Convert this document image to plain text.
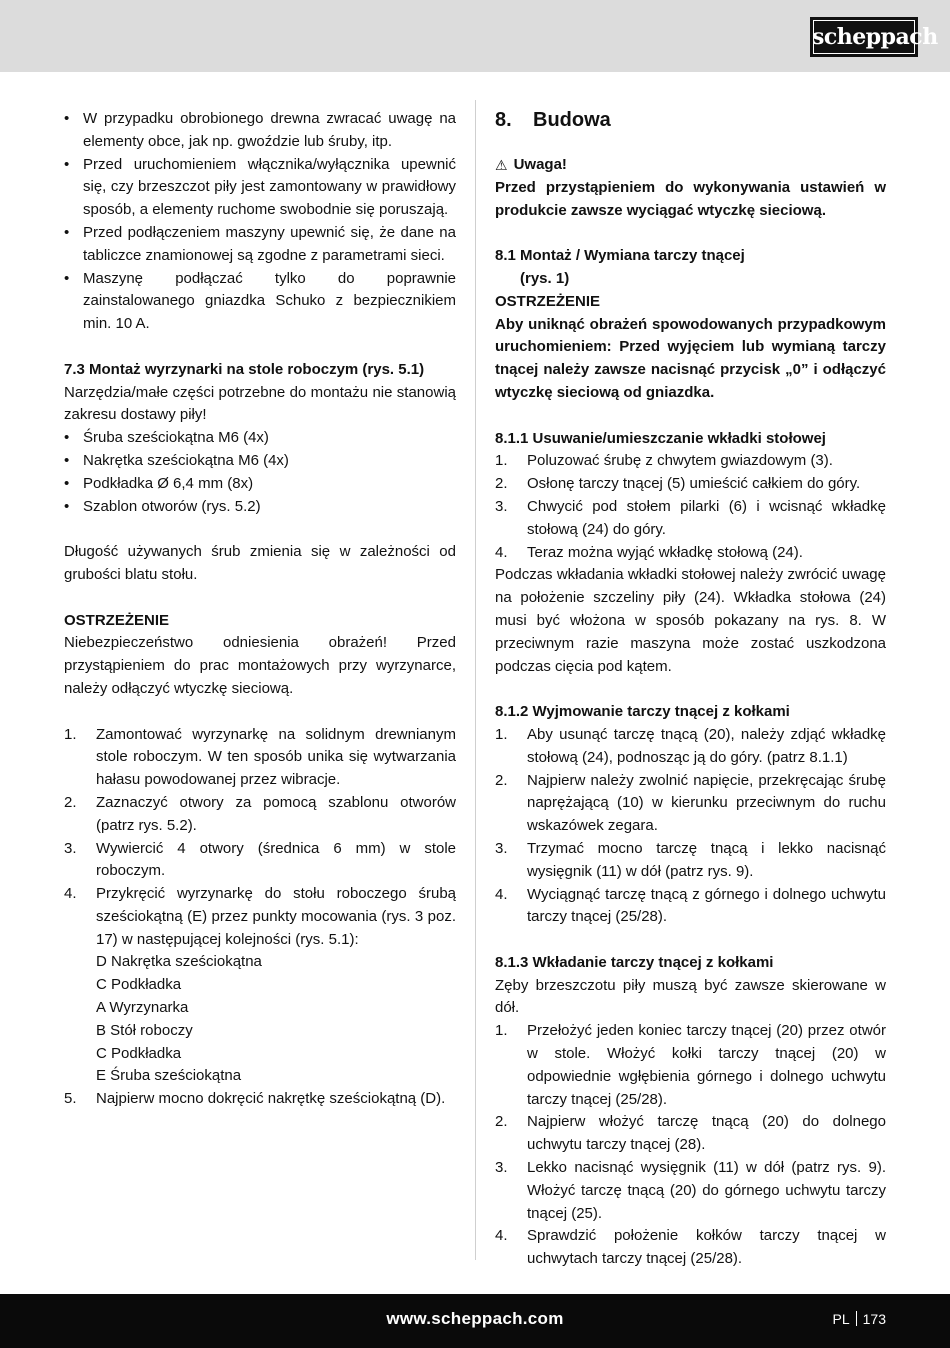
scheppach
• W przypadku obrobionego drewna zwracać uwagę na elementy obce, jak np. gwoździe lub śruby, itp.
• Przed uruchomieniem włącznika/wyłącznika upewnić się, czy brzeszczot piły jest zamontowany w prawidłowy sposób, a elementy ruchome swobodnie się poruszają.
• Przed podłączeniem maszyny upewnić się, że dane na tabliczce znamionowej są zgodne z parametrami sieci.
• Maszynę podłączać tylko do poprawnie zainstalowanego gniazdka Schuko z bezpiecznikiem min. 10 A.

7.3 Montaż wyrzynarki na stole roboczym (rys. 5.1)

Narzędzia/małe części potrzebne do montażu nie stanowią zakresu dostawy piły!

• Śruba sześciokątna M6 (4x)
• Nakrętka sześciokątna M6 (4x)
• Podkładka Ø 6,4 mm (8x)
• Szablon otworów (rys. 5.2)

Długość używanych śrub zmienia się w zależności od grubości blatu stołu.

OSTRZEŻENIE

Niebezpieczeństwo odniesienia obrażeń! Przed przystąpieniem do prac montażowych przy wyrzynarce, należy odłączyć wtyczkę sieciową.

1.	Zamontować wyrzynarkę na solidnym drewnianym stole roboczym. W ten sposób unika się wytwarzania hałasu powodowanej przez wibracje.
2.	Zaznaczyć otwory za pomocą szablonu otworów (patrz rys. 5.2).
3.	Wywiercić 4 otwory (średnica 6 mm) w stole roboczym.
4.	Przykręcić wyrzynarkę do stołu roboczego śrubą sześciokątną (E) przez punkty mocowania (rys. 3 poz. 17) w następującej kolejności (rys. 5.1):
D Nakrętka sześciokątna
C Podkładka
A Wyrzynarka
B Stół roboczy
C Podkładka
E Śruba sześciokątna
5.	Najpierw mocno dokręcić nakrętkę sześciokątną (D).
8.	Budowa
⚠ Uwaga!

Przed przystąpieniem do wykonywania ustawień w produkcie zawsze wyciągać wtyczkę sieciową.

8.1 Montaż / Wymiana tarczy tnącej

(rys. 1)

OSTRZEŻENIE

Aby uniknąć obrażeń spowodowanych przypadkowym uruchomieniem: Przed wyjęciem lub wymianą tarczy tnącej należy zawsze nacisnąć przycisk „0” i odłączyć wtyczkę sieciową od gniazdka.

8.1.1 Usuwanie/umieszczanie wkładki stołowej

1.	Poluzować śrubę z chwytem gwiazdowym (3).
2.	Osłonę tarczy tnącej (5) umieścić całkiem do góry.
3.	Chwycić pod stołem pilarki (6) i wcisnąć wkładkę stołową (24) do góry.
4.	Teraz można wyjąć wkładkę stołową (24).

Podczas wkładania wkładki stołowej należy zwrócić uwagę na położenie szczeliny piły (24). Wkładka stołowa (24) musi być włożona w sposób pokazany na rys. 8. W przeciwnym razie maszyna może zostać uszkodzona podczas cięcia pod kątem.

8.1.2 Wyjmowanie tarczy tnącej z kołkami

1.	Aby usunąć tarczę tnącą (20), należy zdjąć wkładkę stołową (24), podnosząc ją do góry. (patrz 8.1.1)
2.	Najpierw należy zwolnić napięcie, przekręcając śrubę naprężającą (10) w kierunku przeciwnym do ruchu wskazówek zegara.
3.	Trzymać mocno tarczę tnącą i lekko nacisnąć wysięgnik (11) w dół (patrz rys. 9).
4.	Wyciągnąć tarczę tnącą z górnego i dolnego uchwytu tarczy tnącej (25/28).

8.1.3 Wkładanie tarczy tnącej z kołkami

Zęby brzeszczotu piły muszą być zawsze skierowane w dół.

1.	Przełożyć jeden koniec tarczy tnącej (20) przez otwór w stole. Włożyć kołki tarczy tnącej (20) w odpowiednie wgłębienia górnego i dolnego uchwytu tarczy tnącej (25/28).
2.	Najpierw włożyć tarczę tnącą (20) do dolnego uchwytu tarczy tnącej (28).
3.	Lekko nacisnąć wysięgnik (11) w dół (patrz rys. 9). Włożyć tarczę tnącą (20) do górnego uchwytu tarczy tnącej (25).
4.	Sprawdzić położenie kołków tarczy tnącej w uchwytach tarczy tnącej (25/28).
www.scheppach.com	PL 173
